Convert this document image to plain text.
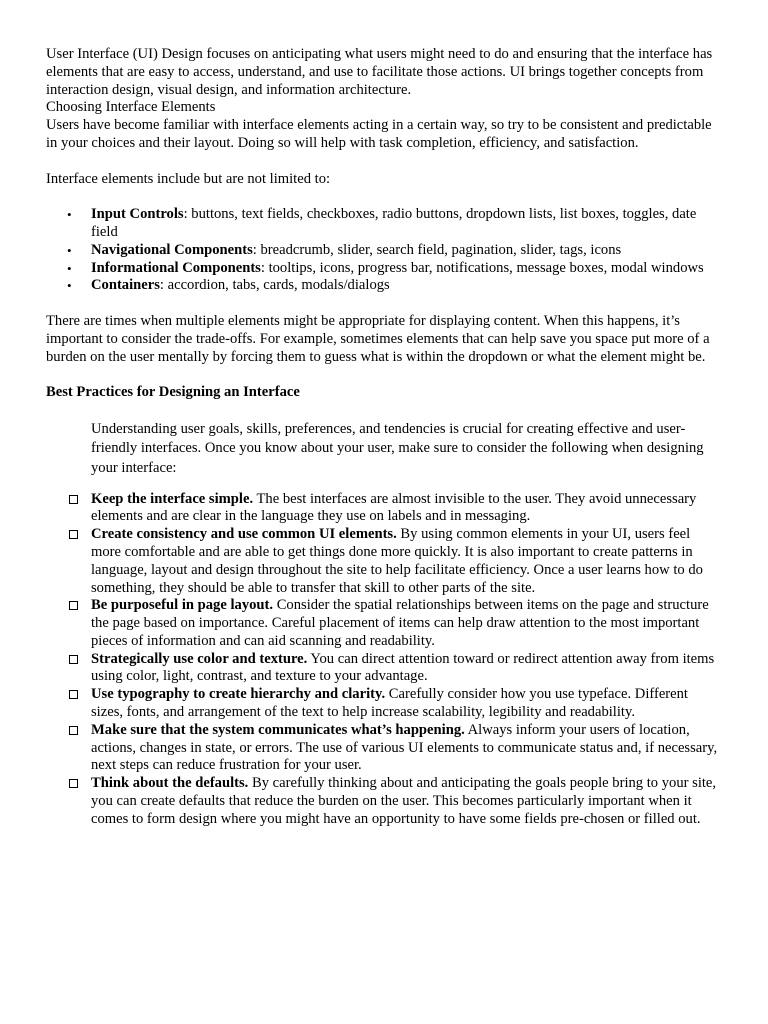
User Interface (UI) Design focuses on anticipating what users might need to do and ensuring that the interface has elements that are easy to access, understand, and use to facilitate those actions. UI brings together concepts from interaction design, visual design, and information architecture.

Choosing Interface Elements

Users have become familiar with interface elements acting in a certain way, so try to be consistent and predictable in your choices and their layout. Doing so will help with task completion, efficiency, and satisfaction.

Interface elements include but are not limited to:

• Input Controls: buttons, text fields, checkboxes, radio buttons, dropdown lists, list boxes, toggles, date field
• Navigational Components: breadcrumb, slider, search field, pagination, slider, tags, icons
• Informational Components: tooltips, icons, progress bar, notifications, message boxes, modal windows
• Containers: accordion, tabs, cards, modals/dialogs

There are times when multiple elements might be appropriate for displaying content. When this happens, it’s important to consider the trade-offs. For example, sometimes elements that can help save you space put more of a burden on the user mentally by forcing them to guess what is within the dropdown or what the element might be.

Best Practices for Designing an Interface

Understanding user goals, skills, preferences, and tendencies is crucial for creating effective and user-friendly interfaces. Once you know about your user, make sure to consider the following when designing your interface:

Keep the interface simple. The best interfaces are almost invisible to the user. They avoid unnecessary elements and are clear in the language they use on labels and in messaging.
Create consistency and use common UI elements. By using common elements in your UI, users feel more comfortable and are able to get things done more quickly. It is also important to create patterns in language, layout and design throughout the site to help facilitate efficiency. Once a user learns how to do something, they should be able to transfer that skill to other parts of the site.
Be purposeful in page layout. Consider the spatial relationships between items on the page and structure the page based on importance. Careful placement of items can help draw attention to the most important pieces of information and can aid scanning and readability.
Strategically use color and texture. You can direct attention toward or redirect attention away from items using color, light, contrast, and texture to your advantage.
Use typography to create hierarchy and clarity. Carefully consider how you use typeface. Different sizes, fonts, and arrangement of the text to help increase scalability, legibility and readability.
Make sure that the system communicates what’s happening. Always inform your users of location, actions, changes in state, or errors. The use of various UI elements to communicate status and, if necessary, next steps can reduce frustration for your user.
Think about the defaults. By carefully thinking about and anticipating the goals people bring to your site, you can create defaults that reduce the burden on the user. This becomes particularly important when it comes to form design where you might have an opportunity to have some fields pre-chosen or filled out.
